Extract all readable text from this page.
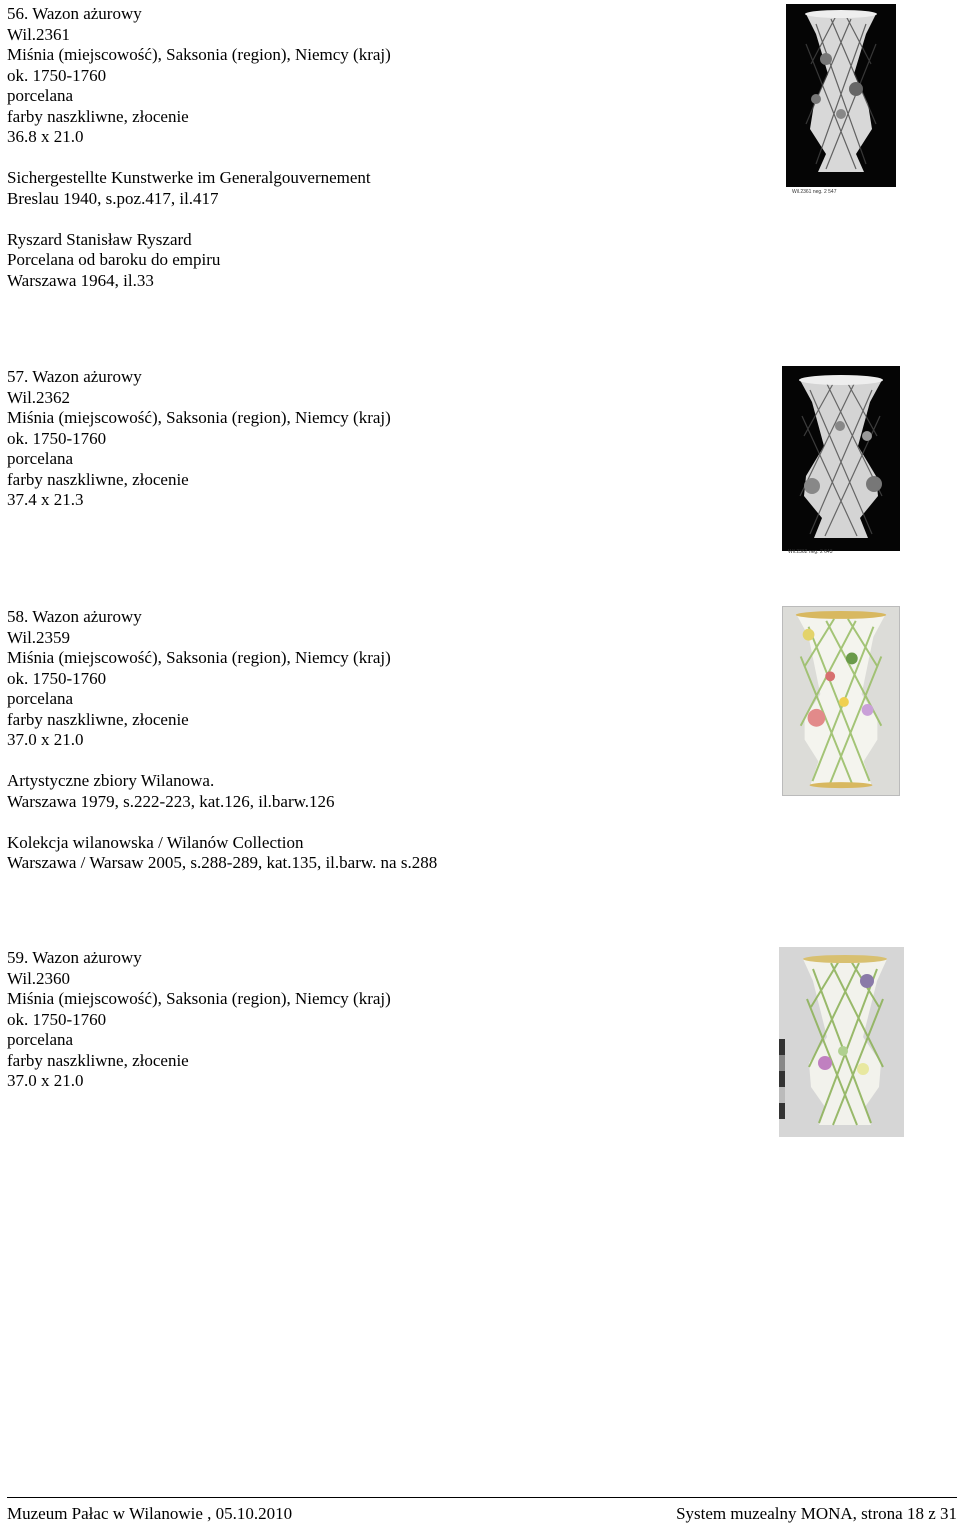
56. Wazon ażurowy
Wil.2361
Miśnia (miejscowość), Saksonia (region), Niemcy (kraj)
ok. 1750-1760
porcelana
farby naszkliwne, złocenie
36.8 x 21.0
Sichergestellte Kunstwerke im Generalgouvernement
Breslau 1940, s.poz.417, il.417
Ryszard Stanisław Ryszard
Porcelana od baroku do empiru
Warszawa 1964, il.33
Wil.2361 neg. 2 547
57. Wazon ażurowy
Wil.2362
Miśnia (miejscowość), Saksonia (region), Niemcy (kraj)
ok. 1750-1760
porcelana
farby naszkliwne, złocenie
37.4 x 21.3
Wil.2362 neg. 2 643
58. Wazon ażurowy
Wil.2359
Miśnia (miejscowość), Saksonia (region), Niemcy (kraj)
ok. 1750-1760
porcelana
farby naszkliwne, złocenie
37.0 x 21.0
Artystyczne zbiory Wilanowa.
Warszawa 1979, s.222-223, kat.126, il.barw.126
Kolekcja wilanowska / Wilanów Collection
Warszawa / Warsaw 2005, s.288-289, kat.135, il.barw. na s.288
59. Wazon ażurowy
Wil.2360
Miśnia (miejscowość), Saksonia (region), Niemcy (kraj)
ok. 1750-1760
porcelana
farby naszkliwne, złocenie
37.0 x 21.0
Muzeum Pałac w Wilanowie , 05.10.2010	System muzealny MONA, strona 18 z 31
